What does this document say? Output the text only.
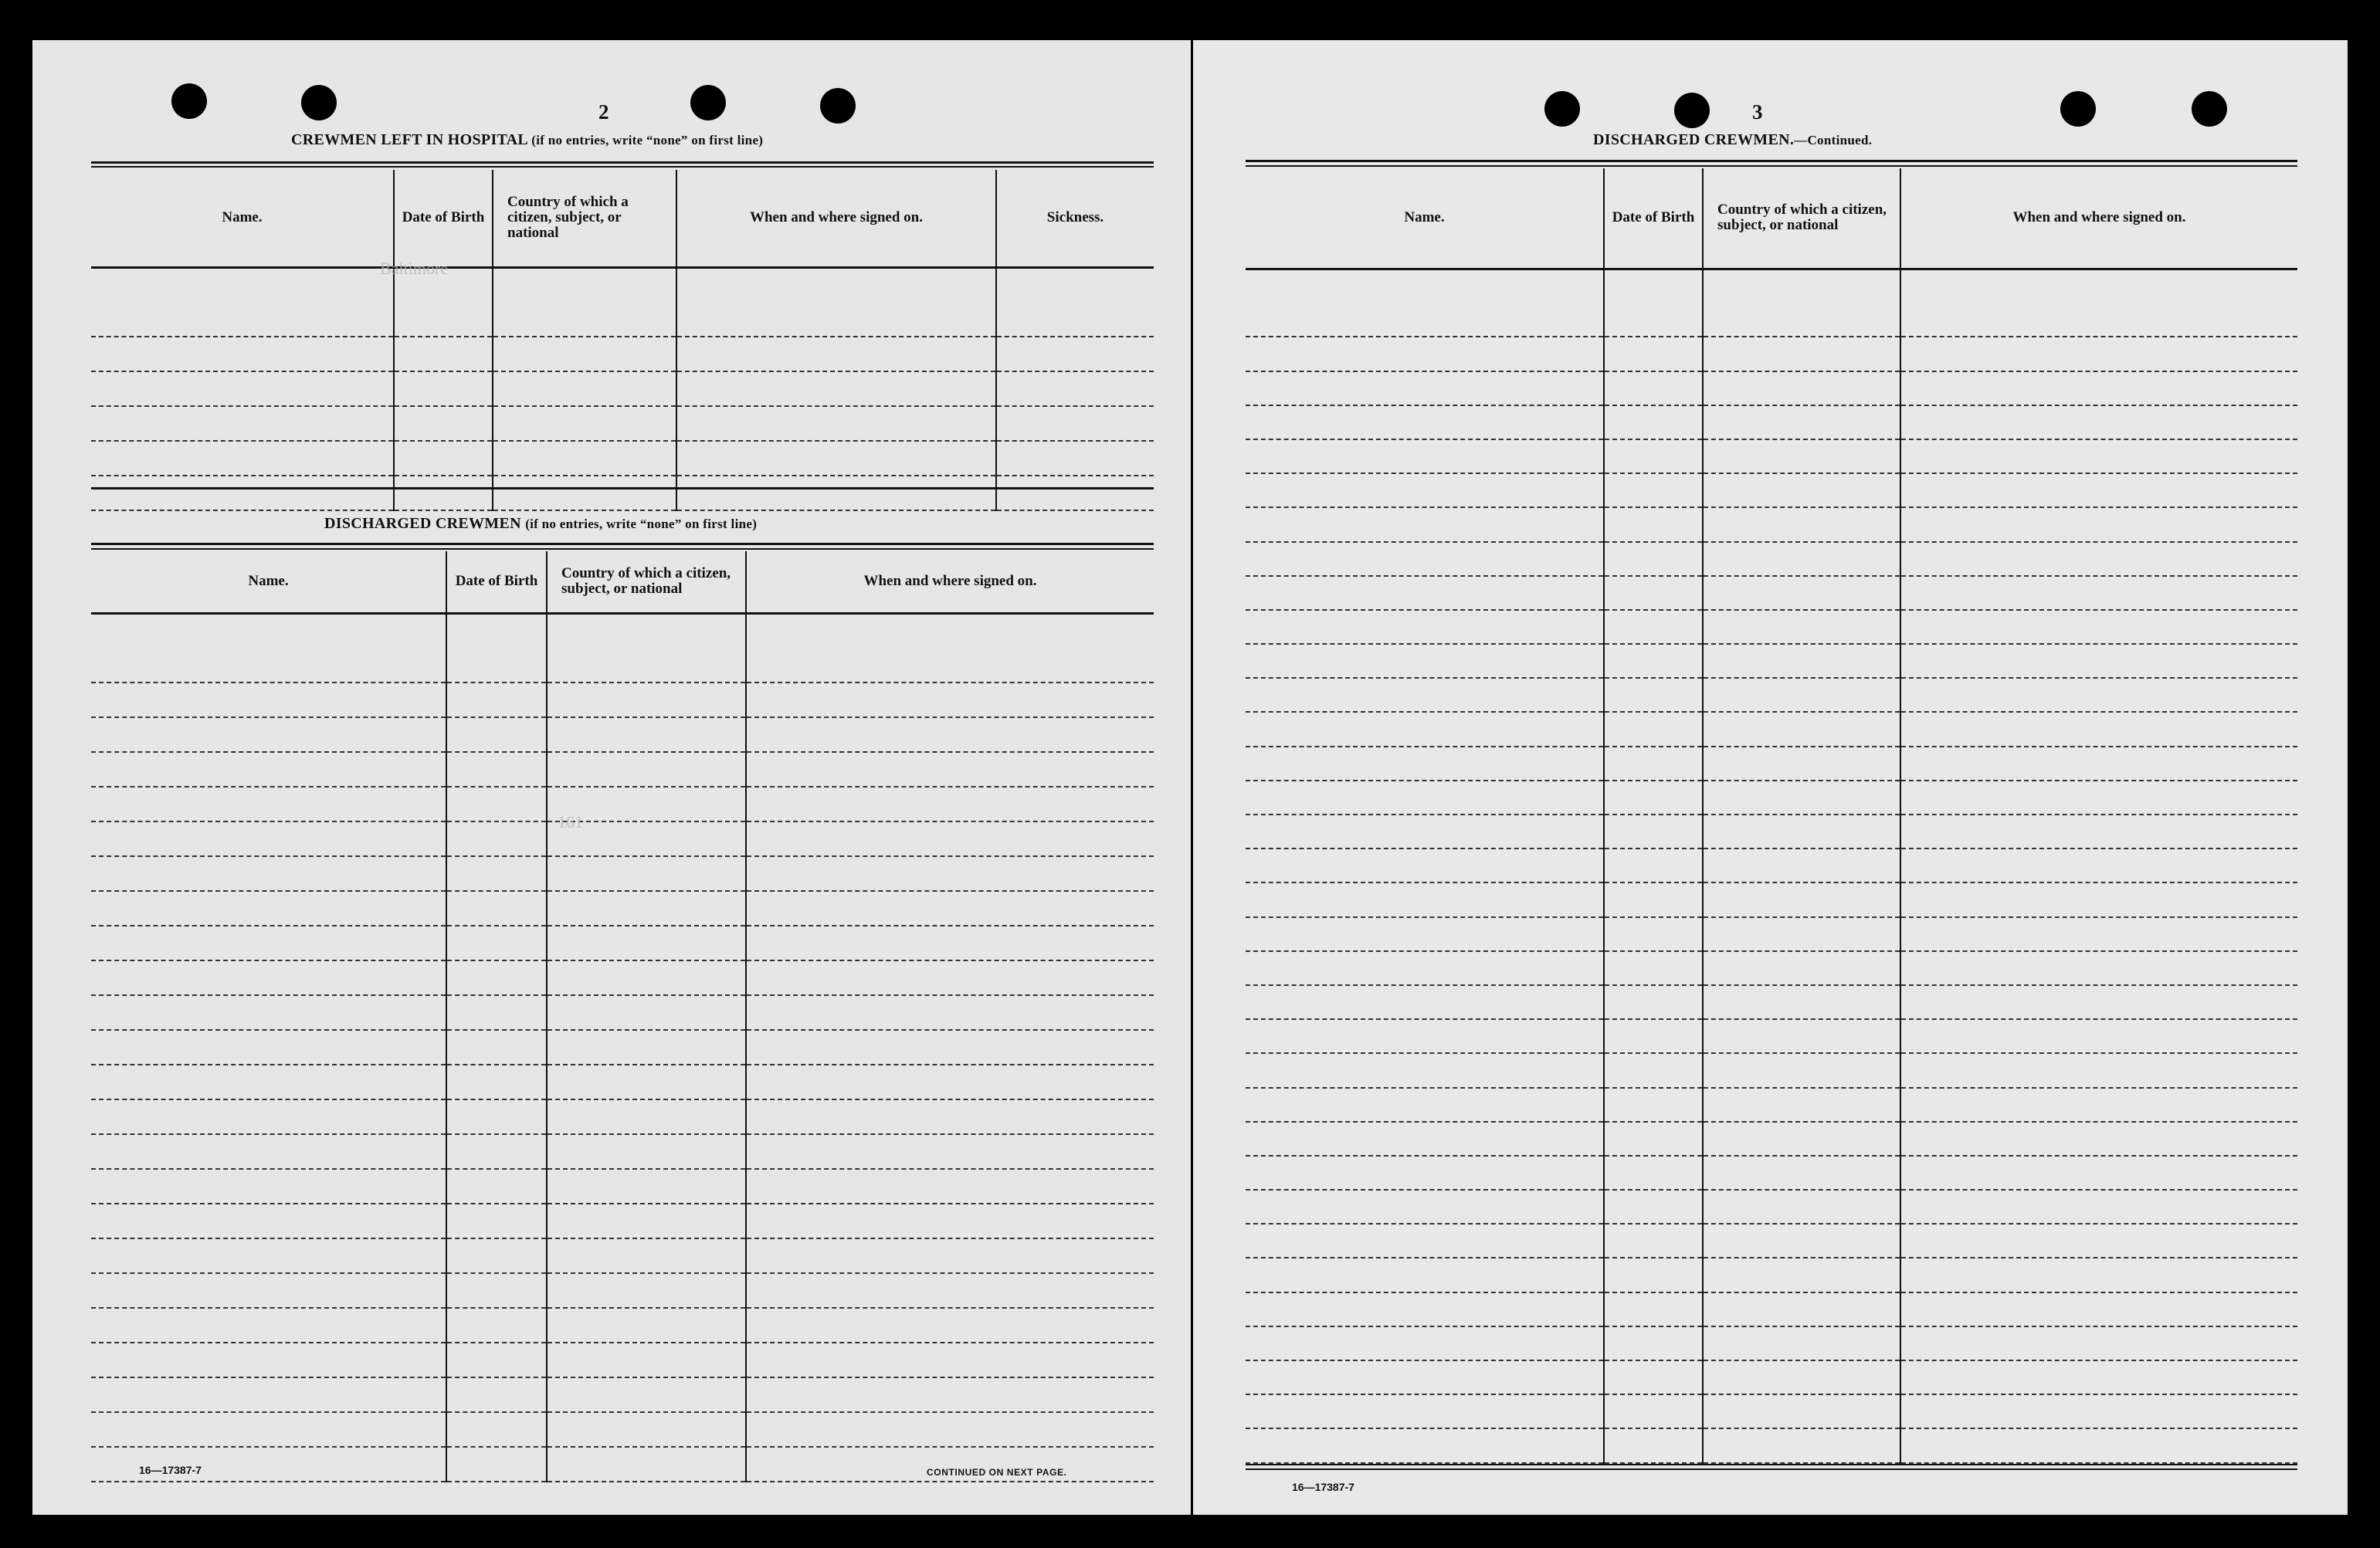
2
CREWMEN LEFT IN HOSPITAL (if no entries, write “none” on first line)
Name.	Date of Birth	Country of which a citizen, subject, or national	When and where signed on.	Sickness.

Baltimore
DISCHARGED CREWMEN (if no entries, write “none” on first line)
Name.	Date of Birth	Country of which a citizen, subject, or national	When and where signed on.

161
16—17387-7	CONTINUED ON NEXT PAGE.
3
DISCHARGED CREWMEN.—Continued.
Name.	Date of Birth	Country of which a citizen, subject, or national	When and where signed on.

16—17387-7
